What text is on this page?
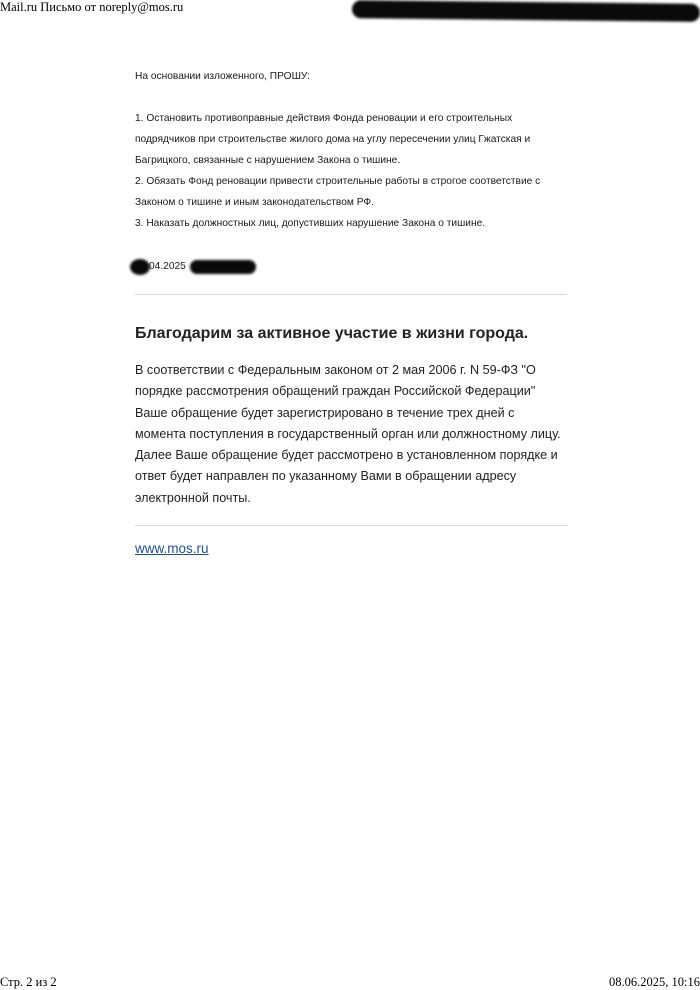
Mail.ru Письмо от noreply@mos.ru

На основании изложенного, ПРОШУ:

1. Остановить противоправные действия Фонда реновации и его строительных подрядчиков при строительстве жилого дома на углу пересечении улиц Гжатская и Багрицкого, связанные с нарушением Закона о тишине.
2. Обязать Фонд реновации привести строительные работы в строгое соответствие с Законом о тишине и иным законодательством РФ.
3. Наказать должностных лиц, допустивших нарушение Закона о тишине.
04.2025
Благодарим за активное участие в жизни города.

В соответствии с Федеральным законом от 2 мая 2006 г. N 59-ФЗ "О порядке рассмотрения обращений граждан Российской Федерации" Ваше обращение будет зарегистрировано в течение трех дней с момента поступления в государственный орган или должностному лицу. Далее Ваше обращение будет рассмотрено в установленном порядке и ответ будет направлен по указанному Вами в обращении адресу электронной почты.

www.mos.ru
Стр. 2 из 2	08.06.2025, 10:16
